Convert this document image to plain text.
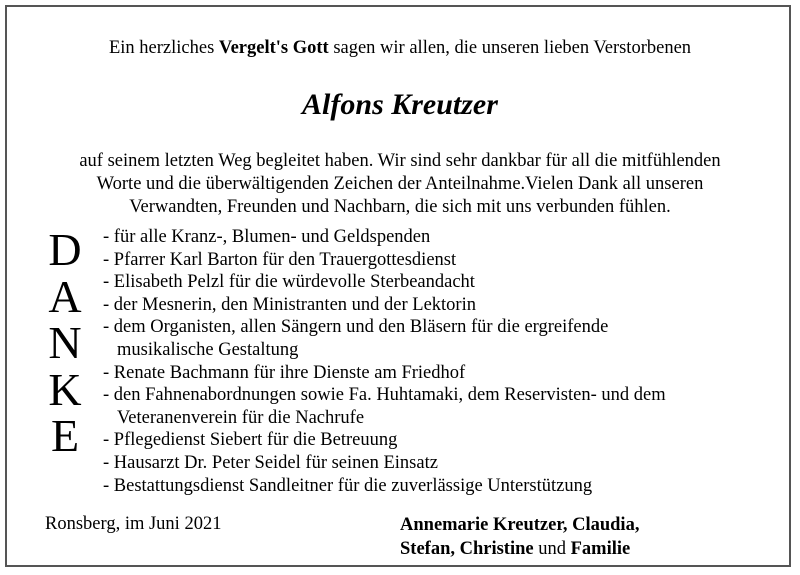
Ein herzliches Vergelt's Gott sagen wir allen, die unseren lieben Verstorbenen
Alfons Kreutzer
auf seinem letzten Weg begleitet haben. Wir sind sehr dankbar für all die mitfühlenden
Worte und die überwältigenden Zeichen der Anteilnahme.Vielen Dank all unseren
Verwandten, Freunden und Nachbarn, die sich mit uns verbunden fühlen.
D
A
N
K
E
- für alle Kranz-, Blumen- und Geldspenden
- Pfarrer Karl Barton für den Trauergottesdienst
- Elisabeth Pelzl für die würdevolle Sterbeandacht
- der Mesnerin, den Ministranten und der Lektorin
- dem Organisten, allen Sängern und den Bläsern für die ergreifende musikalische Gestaltung
- Renate Bachmann für ihre Dienste am Friedhof
- den Fahnenabordnungen sowie Fa. Huhtamaki, dem Reservisten- und dem Veteranenverein für die Nachrufe
- Pflegedienst Siebert für die Betreuung
- Hausarzt Dr. Peter Seidel für seinen Einsatz
- Bestattungsdienst Sandleitner für die zuverlässige Unterstützung
Ronsberg, im Juni 2021	Annemarie Kreutzer, Claudia,
Stefan, Christine und Familie
